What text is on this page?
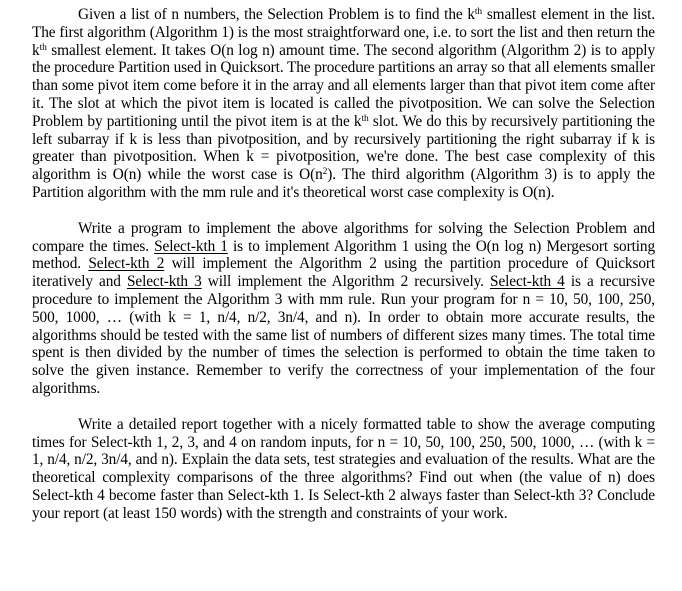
Given a list of n numbers, the Selection Problem is to find the $k^{th}$ smallest element in the list. The first algorithm (Algorithm 1) is the most straightforward one, i.e. to sort the list and then return the $k^{th}$ smallest element. It takes O(n log n) amount time. The second algorithm (Algorithm 2) is to apply the procedure Partition used in Quicksort. The procedure partitions an array so that all elements smaller than some pivot item come before it in the array and all elements larger than that pivot item come after it. The slot at which the pivot item is located is called the pivotposition. We can solve the Selection Problem by partitioning until the pivot item is at the $k^{th}$ slot. We do this by recursively partitioning the left subarray if k is less than pivotposition, and by recursively partitioning the right subarray if k is greater than pivotposition. When k = pivotposition, we're done. The best case complexity of this algorithm is O(n) while the worst case is $O(n^2)$. The third algorithm (Algorithm 3) is to apply the Partition algorithm with the mm rule and it's theoretical worst case complexity is O(n).

Write a program to implement the above algorithms for solving the Selection Problem and compare the times. Select-kth 1 is to implement Algorithm 1 using the O(n log n) Mergesort sorting method. Select-kth 2 will implement the Algorithm 2 using the partition procedure of Quicksort iteratively and Select-kth 3 will implement the Algorithm 2 recursively. Select-kth 4 is a recursive procedure to implement the Algorithm 3 with mm rule. Run your program for n = 10, 50, 100, 250, 500, 1000, … (with k = 1, n/4, n/2, 3n/4, and n). In order to obtain more accurate results, the algorithms should be tested with the same list of numbers of different sizes many times. The total time spent is then divided by the number of times the selection is performed to obtain the time taken to solve the given instance. Remember to verify the correctness of your implementation of the four algorithms.

Write a detailed report together with a nicely formatted table to show the average computing times for Select-kth 1, 2, 3, and 4 on random inputs, for n = 10, 50, 100, 250, 500, 1000, … (with k = 1, n/4, n/2, 3n/4, and n). Explain the data sets, test strategies and evaluation of the results. What are the theoretical complexity comparisons of the three algorithms? Find out when (the value of n) does Select-kth 4 become faster than Select-kth 1. Is Select-kth 2 always faster than Select-kth 3? Conclude your report (at least 150 words) with the strength and constraints of your work.
